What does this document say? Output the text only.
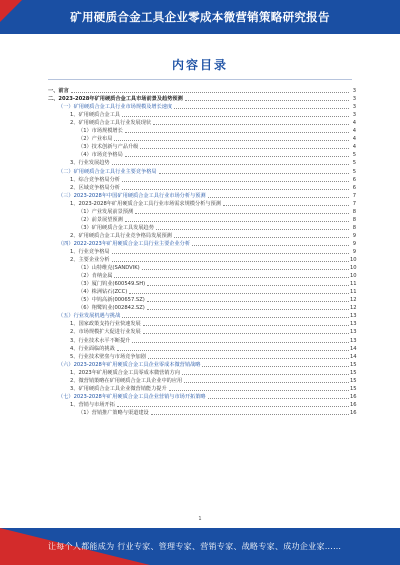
矿用硬质合金工具企业零成本微营销策略研究报告
内容目录
一、前言	3
二、2023-2028年矿用硬质合金工具市场前景及趋势预测	3
（一）矿用硬质合金工具行业市场规模及增长速度	3
1、矿用硬质合金工具	3
2、矿用硬质合金工具行业发展现状	4
（1）市场规模增长	4
（2）产业布局	4
（3）技术创新与产品升级	4
（4）市场竞争格局	5
3、行业发展趋势	5
（二）矿用硬质合金工具行业主要竞争格局	5
1、综合竞争格局分析	6
2、区域竞争格局分析	6
（三）2023-2028年中国矿用硬质合金工具行业市场分析与预测	7
1、2023-2028年矿用硬质合金工具行业市场需求规模分析与预测	7
（1）产业发展前景预测	8
（2）前景展望预测	8
（3）矿用硬质合金工具发展趋势	8
2、矿用硬质合金工具行业竞争格局发展预测	9
（四）2022-2023年矿用硬质合金工具行业主要企业分析	9
1、行业竞争格局	9
2、主要企业分析	10
（1）山特维克(SANDVIK)	10
（2）肯纳金属	10
（3）厦门钨业(600549.SH)	11
（4）株洲钻石(ZCC)	11
（5）中钨高新(000657.SZ)	12
（6）翔鹭钨业(002842.SZ)	12
（五）行业发展机遇与挑战	13
1、国家政策支持行业快速发展	13
2、市场规模扩大促进行业发展	13
3、行业技术水平不断提升	13
4、行业面临的挑战	14
5、行业技术壁垒与市场竞争加剧	14
（六）2023-2028年矿用硬质合金工具企业零成本微营销战略	15
1、2023年矿用硬质合金工具零成本微营销方向	15
2、微营销策略在矿用硬质合金工具企业中的应用	15
3、矿用硬质合金工具企业微营销能力提升	15
（七）2023-2028年矿用硬质合金工具企业营销与市场开拓策略	16
1、营销与市场开拓	16
（1）营销推广策略与渠道建设	16
1
让每个人都能成为 行业专家、管理专家、营销专家、战略专家、成功企业家……
